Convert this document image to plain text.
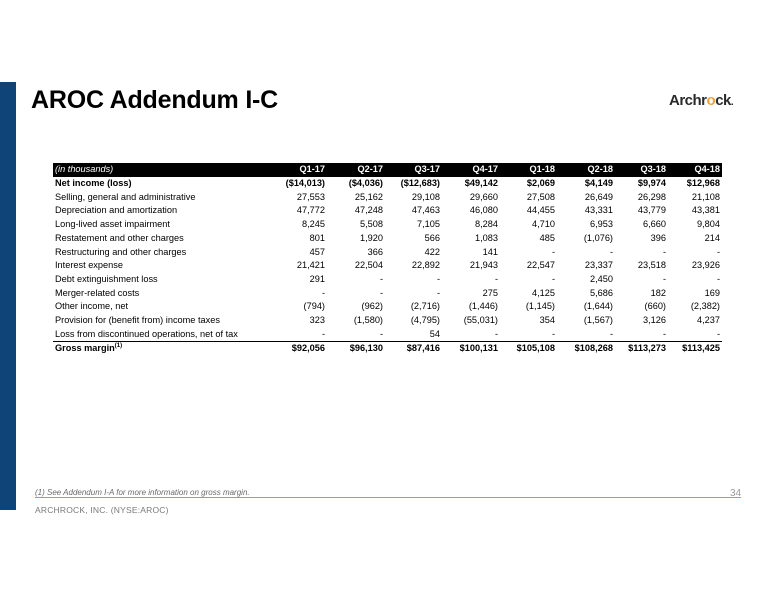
AROC Addendum I-C	Archrock.
(in thousands)	Q1-17	Q2-17	Q3-17	Q4-17	Q1-18	Q2-18	Q3-18	Q4-18
Net income (loss)	($14,013)	($4,036)	($12,683)	$49,142	$2,069	$4,149	$9,974	$12,968
Selling, general and administrative	27,553	25,162	29,108	29,660	27,508	26,649	26,298	21,108
Depreciation and amortization	47,772	47,248	47,463	46,080	44,455	43,331	43,779	43,381
Long-lived asset impairment	8,245	5,508	7,105	8,284	4,710	6,953	6,660	9,804
Restatement and other charges	801	1,920	566	1,083	485	(1,076)	396	214
Restructuring and other charges	457	366	422	141	-	-	-	-
Interest expense	21,421	22,504	22,892	21,943	22,547	23,337	23,518	23,926
Debt extinguishment loss	291	-	-	-	-	2,450	-	-
Merger-related costs	-	-	-	275	4,125	5,686	182	169
Other income, net	(794)	(962)	(2,716)	(1,446)	(1,145)	(1,644)	(660)	(2,382)
Provision for (benefit from) income taxes	323	(1,580)	(4,795)	(55,031)	354	(1,567)	3,126	4,237
Loss from discontinued operations, net of tax	-	-	54	-	-	-	-	-
Gross margin$^{(1)}$	$92,056	$96,130	$87,416	$100,131	$105,108	$108,268	$113,273	$113,425
(1) See Addendum I-A for more information on gross margin.
ARCHROCK, INC. (NYSE:AROC)
34
